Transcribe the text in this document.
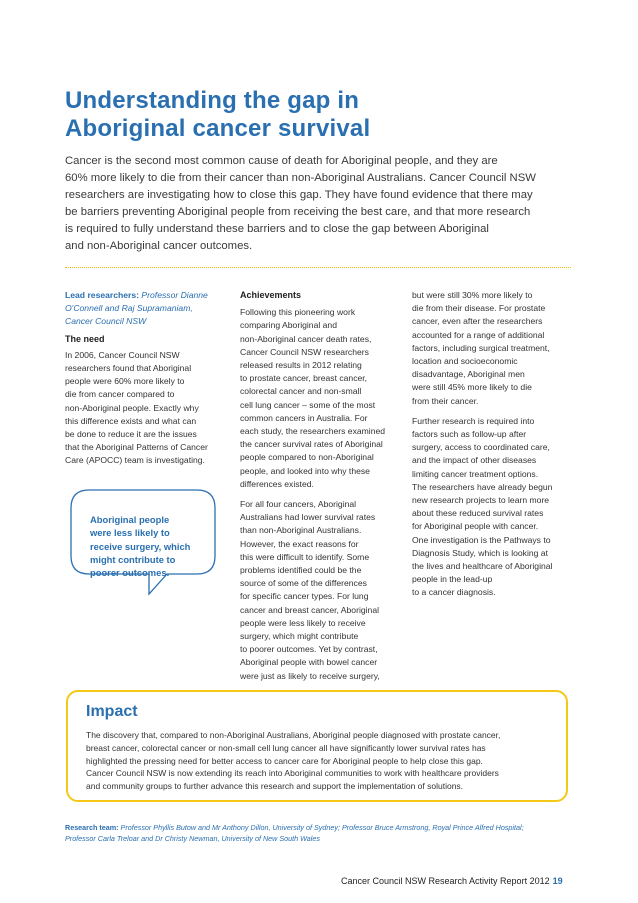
Understanding the gap in
Aboriginal cancer survival
Cancer is the second most common cause of death for Aboriginal people, and they are
60% more likely to die from their cancer than non-Aboriginal Australians. Cancer Council NSW
researchers are investigating how to close this gap. They have found evidence that there may
be barriers preventing Aboriginal people from receiving the best care, and that more research
is required to fully understand these barriers and to close the gap between Aboriginal
and non-Aboriginal cancer outcomes.
Lead researchers: Professor Dianne
O'Connell and Raj Supramaniam,
Cancer Council NSW
The need
In 2006, Cancer Council NSW
researchers found that Aboriginal
people were 60% more likely to
die from cancer compared to
non-Aboriginal people. Exactly why
this difference exists and what can
be done to reduce it are the issues
that the Aboriginal Patterns of Cancer
Care (APOCC) team is investigating.
Aboriginal people
were less likely to
receive surgery, which
might contribute to
poorer outcomes.
Achievements
Following this pioneering work
comparing Aboriginal and
non-Aboriginal cancer death rates,
Cancer Council NSW researchers
released results in 2012 relating
to prostate cancer, breast cancer,
colorectal cancer and non-small
cell lung cancer – some of the most
common cancers in Australia. For
each study, the researchers examined
the cancer survival rates of Aboriginal
people compared to non-Aboriginal
people, and looked into why these
differences existed.
For all four cancers, Aboriginal
Australians had lower survival rates
than non-Aboriginal Australians.
However, the exact reasons for
this were difficult to identify. Some
problems identified could be the
source of some of the differences
for specific cancer types. For lung
cancer and breast cancer, Aboriginal
people were less likely to receive
surgery, which might contribute
to poorer outcomes. Yet by contrast,
Aboriginal people with bowel cancer
were just as likely to receive surgery,
but were still 30% more likely to
die from their disease. For prostate
cancer, even after the researchers
accounted for a range of additional
factors, including surgical treatment,
location and socioeconomic
disadvantage, Aboriginal men
were still 45% more likely to die
from their cancer.
Further research is required into
factors such as follow-up after
surgery, access to coordinated care,
and the impact of other diseases
limiting cancer treatment options.
The researchers have already begun
new research projects to learn more
about these reduced survival rates
for Aboriginal people with cancer.
One investigation is the Pathways to
Diagnosis Study, which is looking at
the lives and healthcare of Aboriginal
people in the lead-up
to a cancer diagnosis.
Impact
The discovery that, compared to non-Aboriginal Australians, Aboriginal people diagnosed with prostate cancer,
breast cancer, colorectal cancer or non-small cell lung cancer all have significantly lower survival rates has
highlighted the pressing need for better access to cancer care for Aboriginal people to help close this gap.
Cancer Council NSW is now extending its reach into Aboriginal communities to work with healthcare providers
and community groups to further advance this research and support the implementation of solutions.
Research team: Professor Phyllis Butow and Mr Anthony Dillon, University of Sydney; Professor Bruce Armstrong, Royal Prince Alfred Hospital;
Professor Carla Treloar and Dr Christy Newman, University of New South Wales
Cancer Council NSW Research Activity Report 2012 19
